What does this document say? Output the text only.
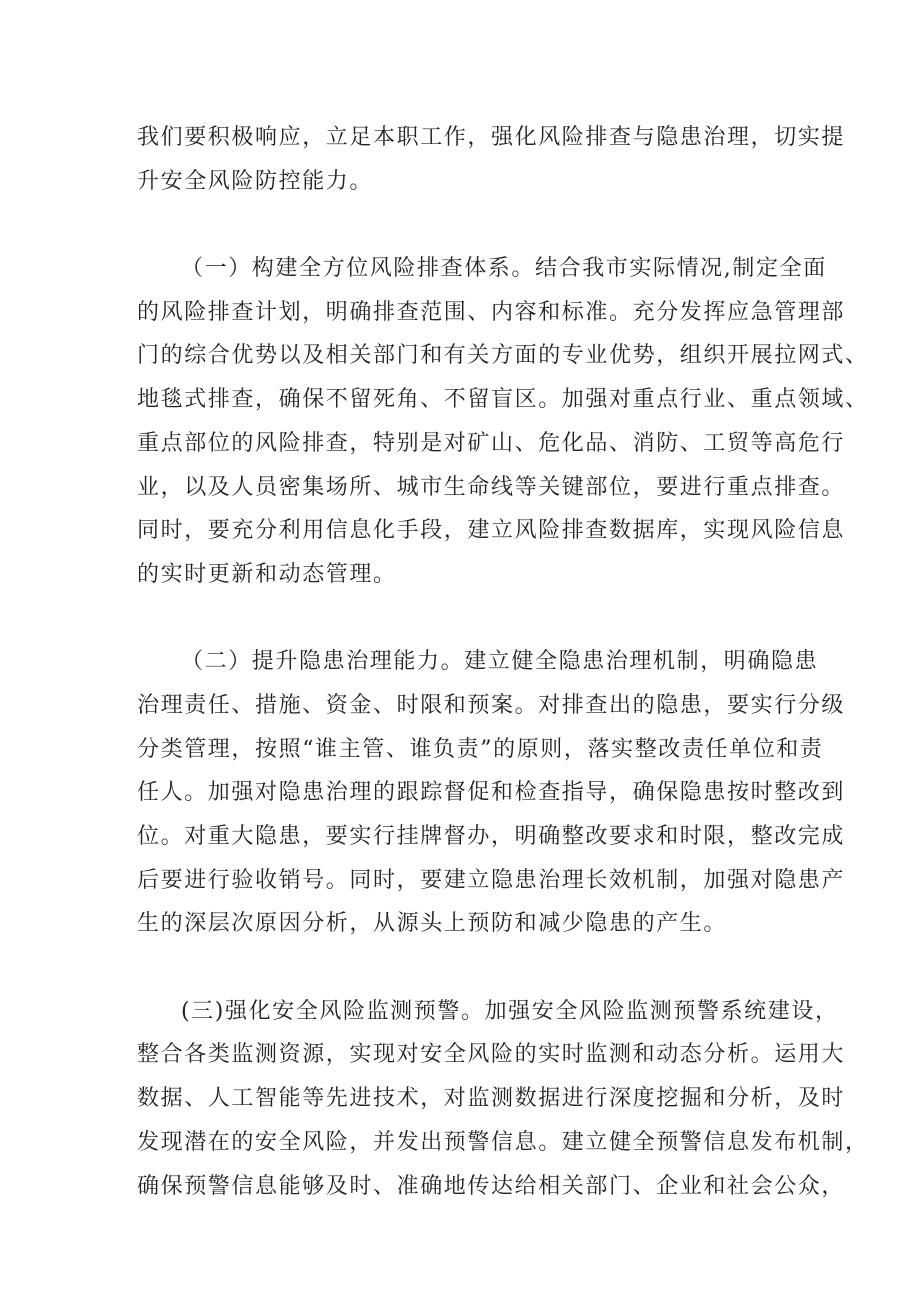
我们要积极响应，立足本职工作，强化风险排查与隐患治理，切实提
升安全风险防控能力。
（一）构建全方位风险排查体系。结合我市实际情况,制定全面
的风险排查计划，明确排查范围、内容和标准。充分发挥应急管理部
门的综合优势以及相关部门和有关方面的专业优势，组织开展拉网式、
地毯式排查，确保不留死角、不留盲区。加强对重点行业、重点领域、
重点部位的风险排查，特别是对矿山、危化品、消防、工贸等高危行
业，以及人员密集场所、城市生命线等关键部位，要进行重点排查。
同时，要充分利用信息化手段，建立风险排查数据库，实现风险信息
的实时更新和动态管理。
（二）提升隐患治理能力。建立健全隐患治理机制，明确隐患
治理责任、措施、资金、时限和预案。对排查出的隐患，要实行分级
分类管理，按照“谁主管、谁负责”的原则，落实整改责任单位和责
任人。加强对隐患治理的跟踪督促和检查指导，确保隐患按时整改到
位。对重大隐患，要实行挂牌督办，明确整改要求和时限，整改完成
后要进行验收销号。同时，要建立隐患治理长效机制，加强对隐患产
生的深层次原因分析，从源头上预防和减少隐患的产生。
(三)强化安全风险监测预警。加强安全风险监测预警系统建设，
整合各类监测资源，实现对安全风险的实时监测和动态分析。运用大
数据、人工智能等先进技术，对监测数据进行深度挖掘和分析，及时
发现潜在的安全风险，并发出预警信息。建立健全预警信息发布机制，
确保预警信息能够及时、准确地传达给相关部门、企业和社会公众，
